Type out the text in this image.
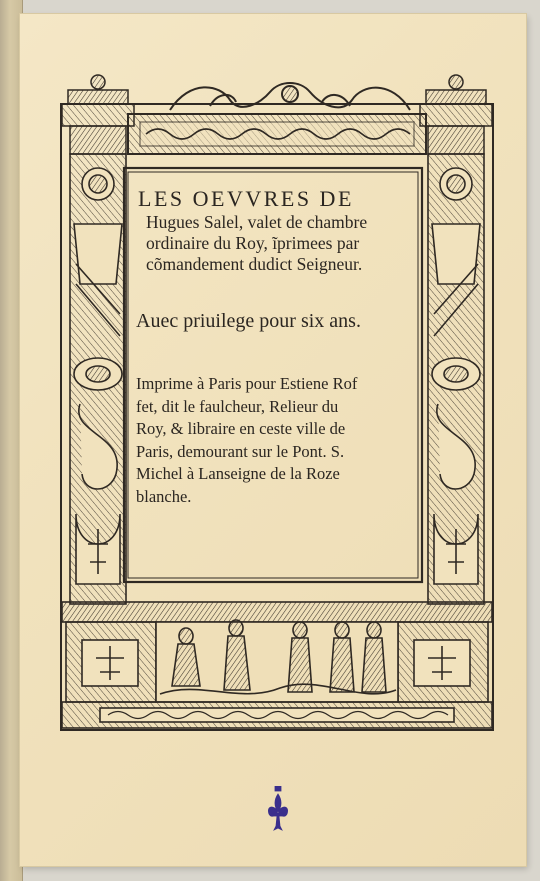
LES OEVVRES DE
Hugues Salel, valet de chambre
ordinaire du Roy, ĩprimees par
cõmandement dudict Seigneur.
Auec priuilege pour six ans.
Imprime à Paris pour Estiene Rof
fet, dit le faulcheur, Relieur du
Roy, & libraire en ceste ville de
Paris, demourant sur le Pont. S.
Michel à Lanseigne de la Roze
blanche.
